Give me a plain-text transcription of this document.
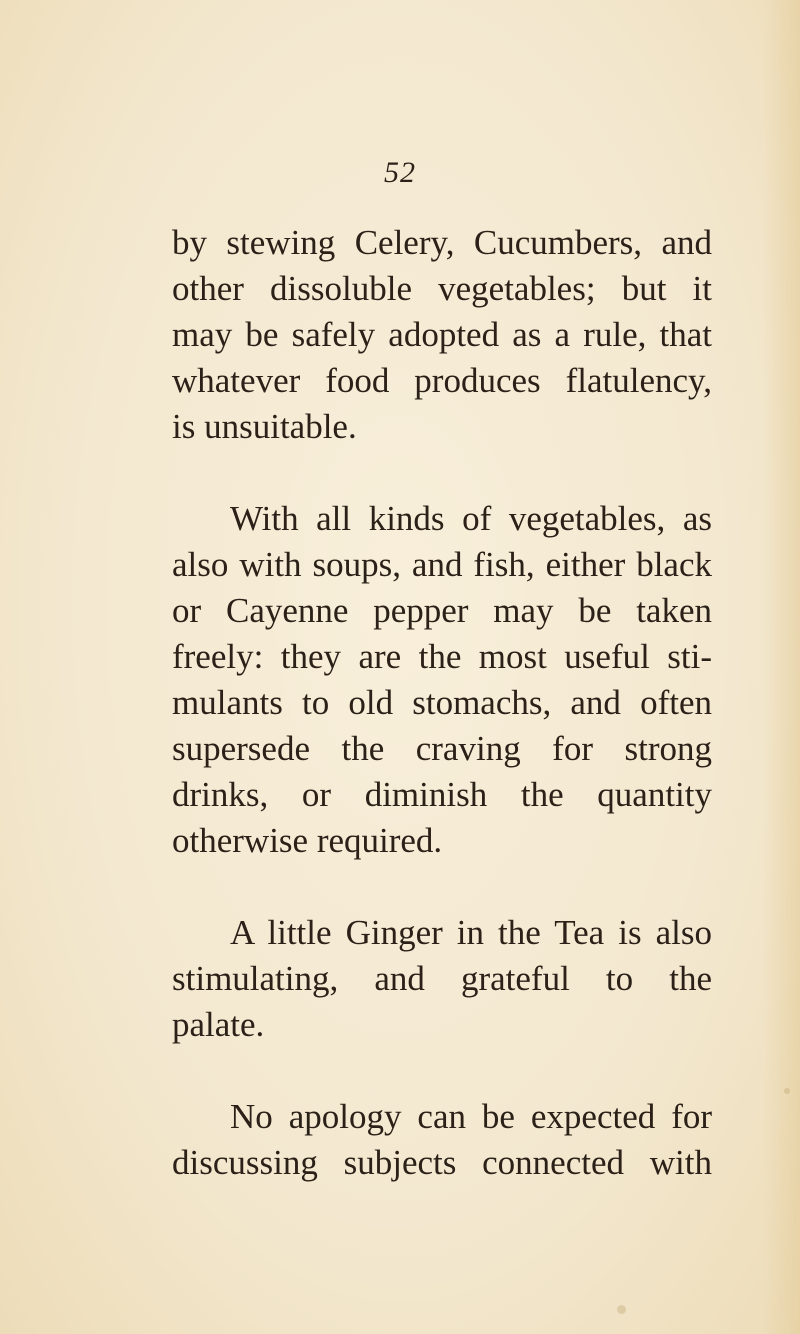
52
by stewing Celery, Cucumbers, and
other dissoluble vegetables; but it
may be safely adopted as a rule, that
whatever food produces flatulency,
is unsuitable.
With all kinds of vegetables, as
also with soups, and fish, either black
or Cayenne pepper may be taken
freely: they are the most useful sti-
mulants to old stomachs, and often
supersede the craving for strong
drinks, or diminish the quantity
otherwise required.
A little Ginger in the Tea is also
stimulating, and grateful to the
palate.
No apology can be expected for
discussing subjects connected with
